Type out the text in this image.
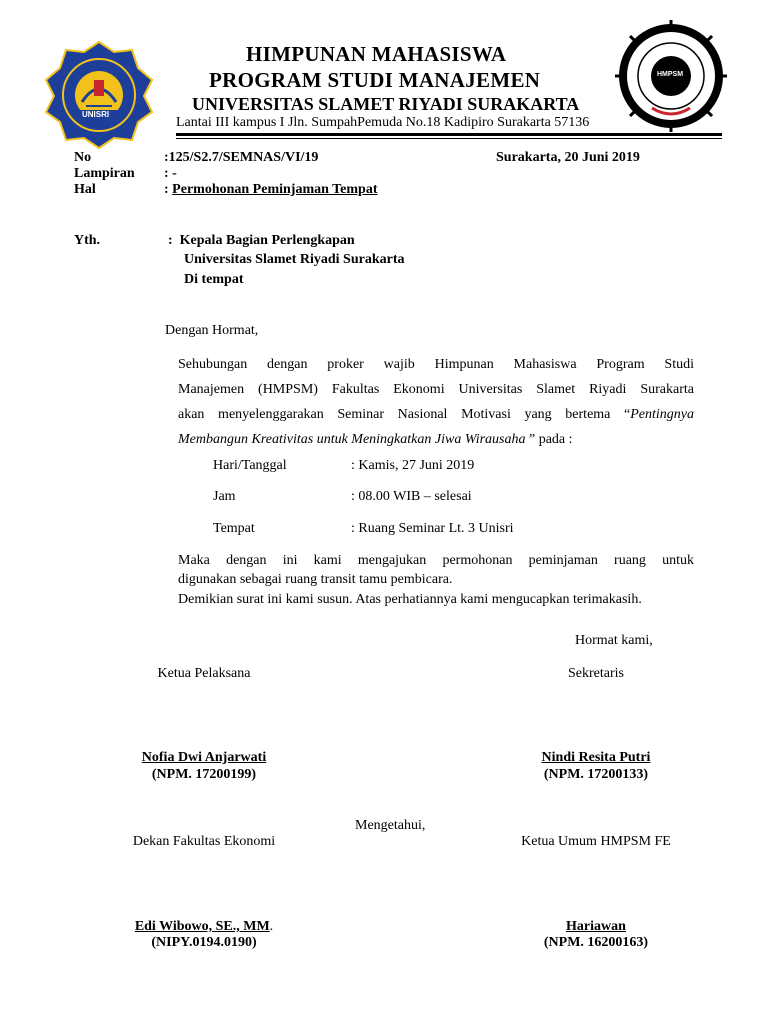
UNISRI
HMPSM
HIMPUNAN MAHASISWA
PROGRAM STUDI MANAJEMEN
UNIVERSITAS SLAMET RIYADI SURAKARTA
Lantai III kampus I Jln. SumpahPemuda No.18 Kadipiro Surakarta 57136
No	:125/S2.7/SEMNAS/VI/19	Surakarta, 20 Juni 2019
Lampiran : -
Hal	: Permohonan Peminjaman Tempat
Yth.	:  Kepala Bagian Perlengkapan
Universitas Slamet Riyadi Surakarta
Di tempat
Dengan Hormat,
Sehubungan dengan proker wajib Himpunan Mahasiswa Program Studi
Manajemen (HMPSM) Fakultas Ekonomi Universitas Slamet Riyadi Surakarta
akan menyelenggarakan Seminar Nasional Motivasi yang bertema “Pentingnya
Membangun Kreativitas untuk Meningkatkan Jiwa Wirausaha ” pada :
Hari/Tanggal	: Kamis, 27 Juni 2019
Jam	: 08.00 WIB – selesai
Tempat	: Ruang Seminar Lt. 3 Unisri
Maka dengan ini kami mengajukan permohonan peminjaman ruang untuk
digunakan sebagai ruang transit tamu pembicara.
Demikian surat ini kami susun. Atas perhatiannya kami mengucapkan terimakasih.
Hormat kami,
Ketua Pelaksana	Sekretaris
Nofia Dwi Anjarwati
(NPM. 17200199)
Nindi Resita Putri
(NPM. 17200133)
Mengetahui,
Dekan Fakultas Ekonomi	Ketua Umum HMPSM FE
Edi Wibowo, SE., MM.
(NIPY.0194.0190)
Hariawan
(NPM. 16200163)
